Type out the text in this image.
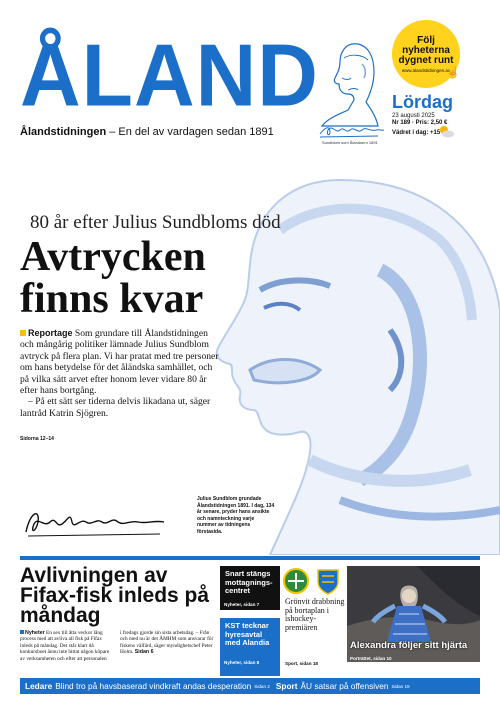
ÅLAND
Ålandstidningen – En del av vardagen sedan 1891
Sundblom som Ålandsern 1891
Följ nyheterna dygnet runt
www.alandstidningen.ax
☝
Lördag
23 augusti 2025
Nr 189 · Pris: 2,50 €
Vädret i dag: +15
80 år efter Julius Sundbloms död
Avtrycken
finns kvar
Reportage Som grundare till Ålandstidningen och mångårig politiker lämnade Julius Sundblom avtryck på flera plan. Vi har pratat med tre personer om hans betydelse för det åländska samhället, och på vilka sätt arvet efter honom lever vidare 80 år efter hans bortgång.
– På ett sätt ser tiderna delvis likadana ut, säger lantråd Katrin Sjögren.
Sidorna 12–14
Julius Sundblom grundade Ålandstidningen 1891. I dag, 134 år senare, pryder hans ansikte och namnteckning varje nummer av tidningens förstasida.
Avlivningen av Fifax-fisk inleds på måndag
Nyheter En sex till åtta veckor lång process med att avliva all fisk på Fifax inleds på måndag. Det står klart då konkursboet ännu inte hittat någon köpare av verksamheten och efter att personalen
i fredags gjorde sin sista arbetsdag. – Från och med nu är det ÅMHM som ansvarar för fiskens välfärd, säger myndighetschef Peter Holm. Sidan 6
Snart stängs mottagnings-centret
Nyheter, sidan 7
KST tecknar hyresavtal med Alandia
Nyheter, sidan 8
Grönvit drabbning på bortaplan i ishockey-premiären
Sport, sidan 18
Alexandra följer sitt hjärta
Porträttet, sidan 10
Ledare Blind tro på havsbaserad vindkraft andas desperation Sidan 2 Sport ÅU satsar på offensiven Sidan 19
